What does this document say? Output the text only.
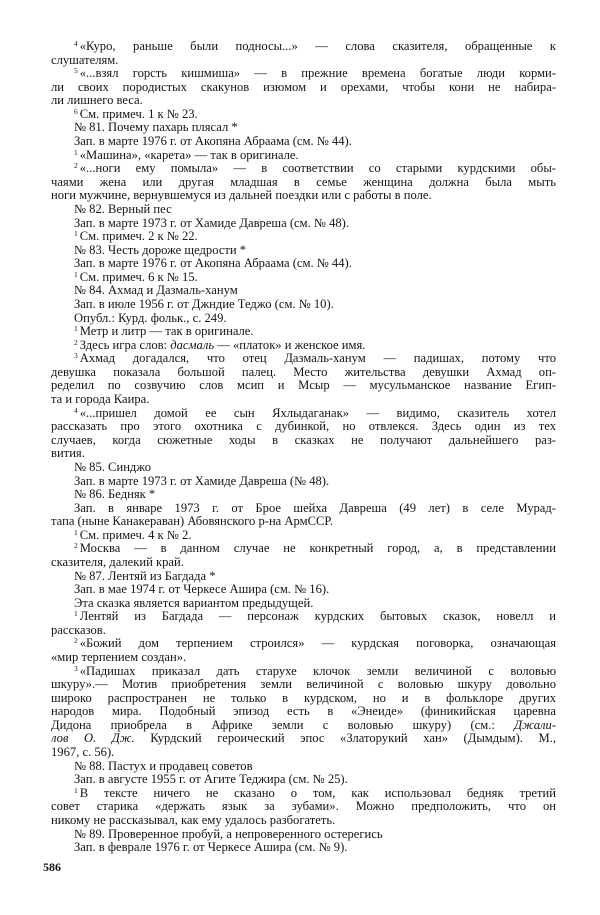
$^4$ «Куро, раньше были подносы...» — слова сказителя, обращенные к
слушателям.
$^5$ «...взял горсть кишмиша» — в прежние времена богатые люди корми-
ли своих породистых скакунов изюмом и орехами, чтобы кони не набира-
ли лишнего веса.
$^6$ См. примеч. 1 к № 23.
№ 81. Почему пахарь плясал *
Зап. в марте 1976 г. от Акопяна Абраама (см. № 44).
$^1$ «Машина», «карета» — так в оригинале.
$^2$ «...ноги ему помыла» — в соответствии со старыми курдскими обы-
чаями жена или другая младшая в семье женщина должна была мыть
ноги мужчине, вернувшемуся из дальней поездки или с работы в поле.
№ 82. Верный пес
Зап. в марте 1973 г. от Хамиде Давреша (см. № 48).
$^1$ См. примеч. 2 к № 22.
№ 83. Честь дороже щедрости *
Зап. в марте 1976 г. от Акопяна Абраама (см. № 44).
$^1$ См. примеч. 6 к № 15.
№ 84. Ахмад и Дазмаль-ханум
Зап. в июле 1956 г. от Джндие Теджо (см. № 10).
Опубл.: Курд. фольк., с. 249.
$^1$ Метр и литр — так в оригинале.
$^2$ Здесь игра слов: дасмаль — «платок» и женское имя.
$^3$ Ахмад догадался, что отец Дазмаль-ханум — падишах, потому что
девушка показала большой палец. Место жительства девушки Ахмад оп-
ределил по созвучию слов мсип и Мсыр — мусульманское название Егип-
та и города Каира.
$^4$ «...пришел домой ее сын Яхлыдаганак» — видимо, сказитель хотел
рассказать про этого охотника с дубинкой, но отвлекся. Здесь один из тех
случаев, когда сюжетные ходы в сказках не получают дальнейшего раз-
вития.
№ 85. Синджо
Зап. в марте 1973 г. от Хамиде Давреша (№ 48).
№ 86. Бедняк *
Зап. в январе 1973 г. от Брое шейха Давреша (49 лет) в селе Мурад-
тапа (ныне Канакераван) Абовянского р-на АрмССР.
$^1$ См. примеч. 4 к № 2.
$^2$ Москва — в данном случае не конкретный город, а, в представлении
сказителя, далекий край.
№ 87. Лентяй из Багдада *
Зап. в мае 1974 г. от Черкесе Ашира (см. № 16).
Эта сказка является вариантом предыдущей.
$^1$ Лентяй из Багдада — персонаж курдских бытовых сказок, новелл и
рассказов.
$^2$ «Божий дом терпением строился» — курдская поговорка, означающая
«мир терпением создан».
$^3$ «Падишах приказал дать старухе клочок земли величиной с воловью
шкуру».— Мотив приобретения земли величиной с воловью шкуру довольно
широко распространен не только в курдском, но и в фольклоре других
народов мира. Подобный эпизод есть в «Энеиде» (финикийская царевна
Дидона приобрела в Африке земли с воловью шкуру) (см.: Джали-
лов О. Дж. Курдский героический эпос «Златорукий хан» (Дымдым). М.,
1967, с. 56).
№ 88. Пастух и продавец советов
Зап. в августе 1955 г. от Агите Теджира (см. № 25).
$^1$ В тексте ничего не сказано о том, как использовал бедняк третий
совет старика «держать язык за зубами». Можно предположить, что он
никому не рассказывал, как ему удалось разбогатеть.
№ 89. Проверенное пробуй, а непроверенного остерегись
Зап. в феврале 1976 г. от Черкесе Ашира (см. № 9).
586
